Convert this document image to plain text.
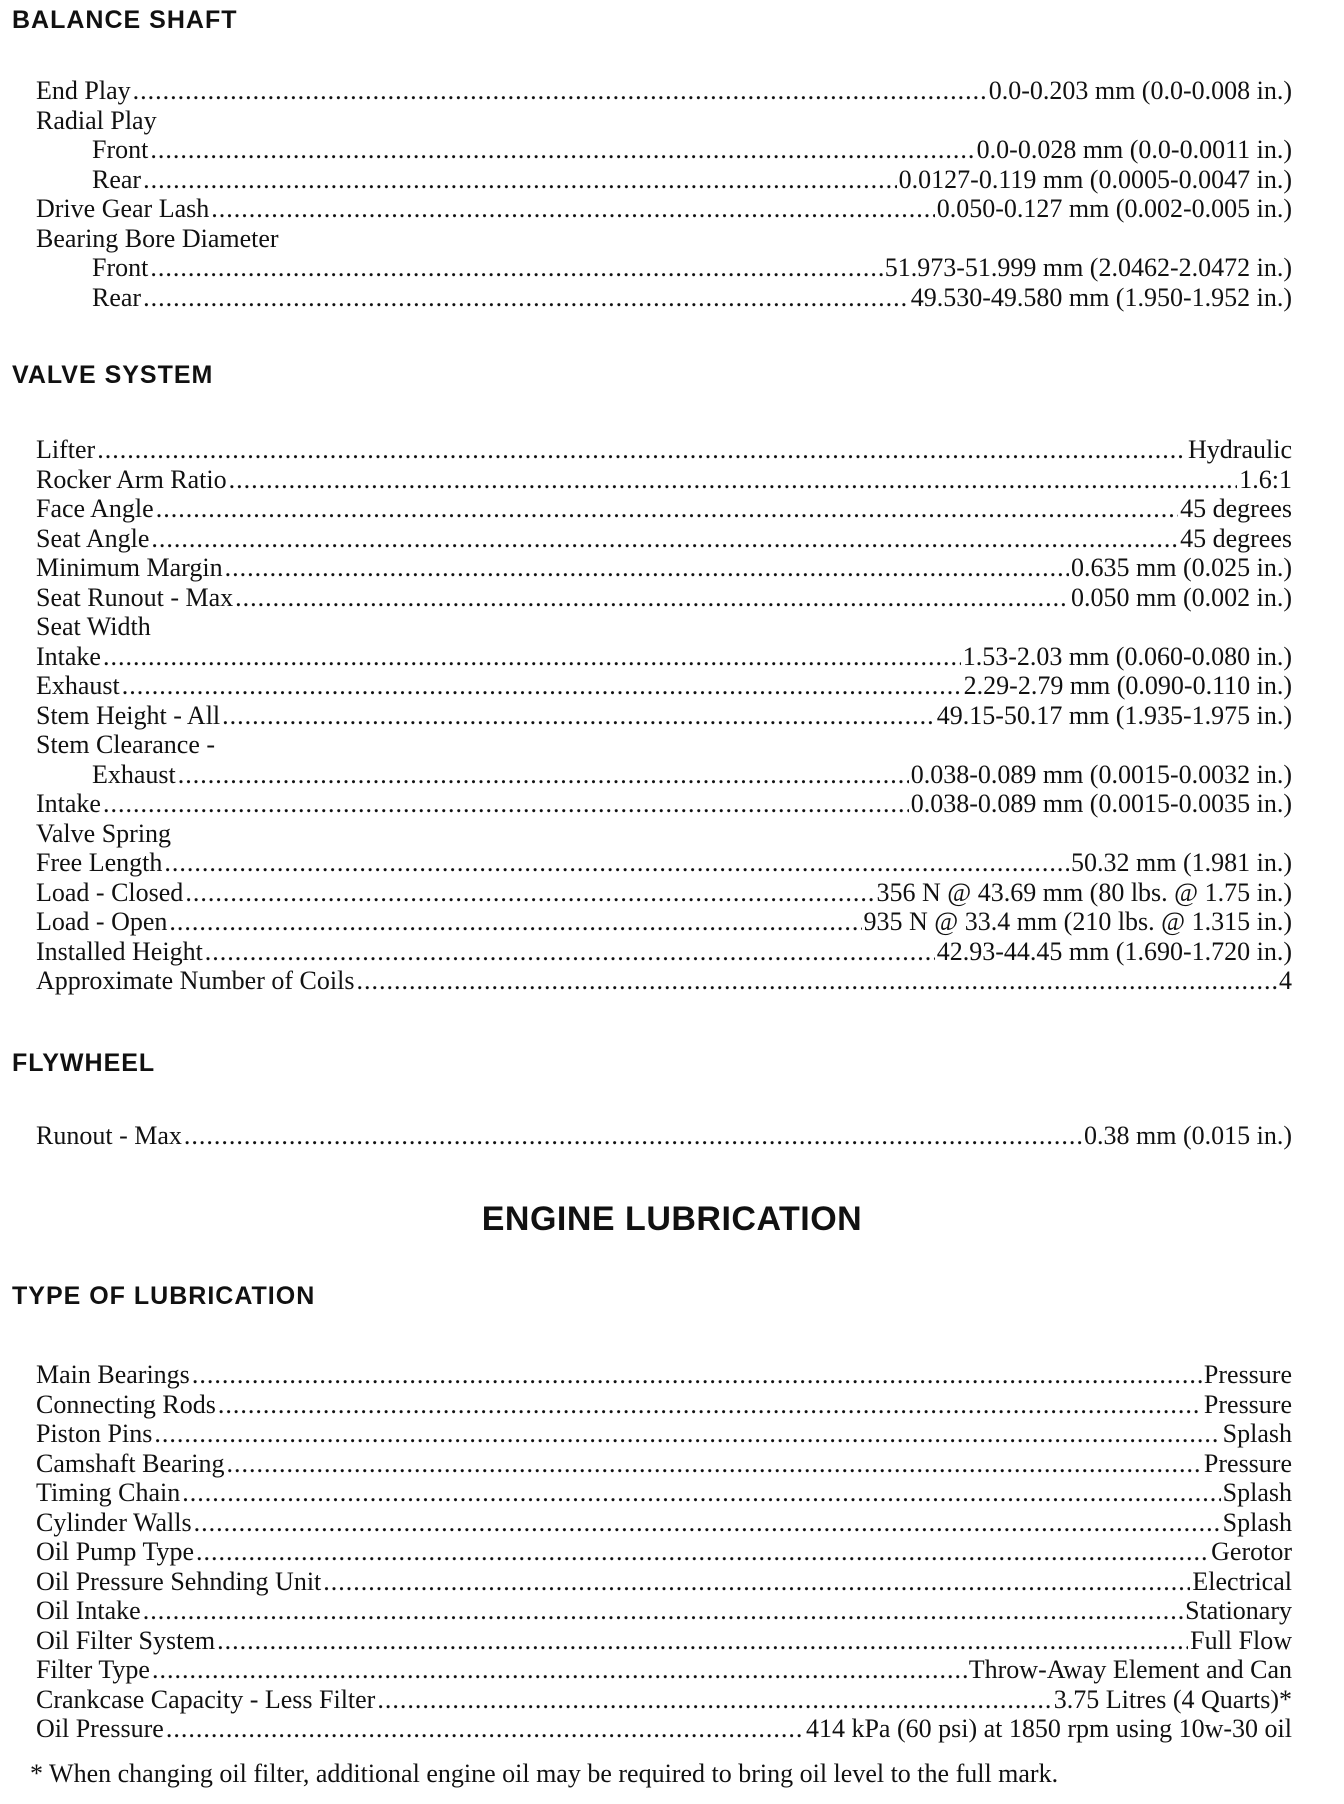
BALANCE SHAFT
End Play .....	0.0-0.203 mm (0.0-0.008 in.)
Radial Play
Front .....	0.0-0.028 mm (0.0-0.0011 in.)
Rear .....	0.0127-0.119 mm (0.0005-0.0047 in.)
Drive Gear Lash .....	0.050-0.127 mm (0.002-0.005 in.)
Bearing Bore Diameter
Front .....	51.973-51.999 mm (2.0462-2.0472 in.)
Rear .....	49.530-49.580 mm (1.950-1.952 in.)
VALVE SYSTEM
Lifter .....	Hydraulic
Rocker Arm Ratio .....	1.6:1
Face Angle .....	45 degrees
Seat Angle .....	45 degrees
Minimum Margin .....	0.635 mm (0.025 in.)
Seat Runout - Max .....	0.050 mm (0.002 in.)
Seat Width
Intake .....	1.53-2.03 mm (0.060-0.080 in.)
Exhaust .....	2.29-2.79 mm (0.090-0.110 in.)
Stem Height - All .....	49.15-50.17 mm (1.935-1.975 in.)
Stem Clearance -
Exhaust .....	0.038-0.089 mm (0.0015-0.0032 in.)
Intake .....	0.038-0.089 mm (0.0015-0.0035 in.)
Valve Spring
Free Length .....	50.32 mm (1.981 in.)
Load - Closed .....	356 N @ 43.69 mm (80 lbs. @ 1.75 in.)
Load - Open .....	935 N @ 33.4 mm (210 lbs. @ 1.315 in.)
Installed Height .....	42.93-44.45 mm (1.690-1.720 in.)
Approximate Number of Coils .....	4
FLYWHEEL
Runout - Max .....	0.38 mm (0.015 in.)
ENGINE LUBRICATION
TYPE OF LUBRICATION
Main Bearings .....	Pressure
Connecting Rods .....	Pressure
Piston Pins .....	Splash
Camshaft Bearing .....	Pressure
Timing Chain .....	Splash
Cylinder Walls .....	Splash
Oil Pump Type .....	Gerotor
Oil Pressure Sehnding Unit .....	Electrical
Oil Intake .....	Stationary
Oil Filter System .....	Full Flow
Filter Type .....	Throw-Away Element and Can
Crankcase Capacity - Less Filter .....	3.75 Litres (4 Quarts)*
Oil Pressure .....	414 kPa (60 psi) at 1850 rpm using 10w-30 oil

* When changing oil filter, additional engine oil may be required to bring oil level to the full mark.
